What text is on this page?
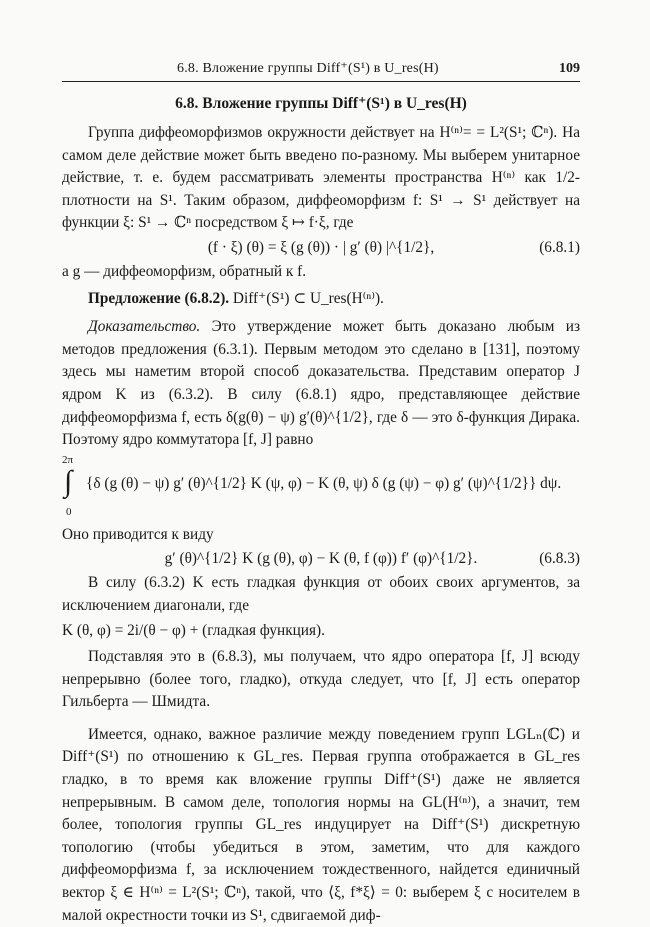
6.8. Вложение группы Diff⁺(S¹) в U_res(H)	109
6.8. Вложение группы Diff⁺(S¹) в U_res(H)

Группа диффеоморфизмов окружности действует на H⁽ⁿ⁾= = L²(S¹; ℂⁿ). На самом деле действие может быть введено по-разному. Мы выберем унитарное действие, т. е. будем рассматривать элементы пространства H⁽ⁿ⁾ как 1/2-плотности на S¹. Таким образом, диффеоморфизм f: S¹ → S¹ действует на функции ξ: S¹ → ℂⁿ посредством ξ ↦ f·ξ, где

(f · ξ) (θ) = ξ (g (θ)) · | g′ (θ) |^{1/2},	(6.8.1)

а g — диффеоморфизм, обратный к f.

Предложение (6.8.2). Diff⁺(S¹) ⊂ U_res(H⁽ⁿ⁾).

Доказательство. Это утверждение может быть доказано любым из методов предложения (6.3.1). Первым методом это сделано в [131], поэтому здесь мы наметим второй способ доказательства. Представим оператор J ядром K из (6.3.2). В силу (6.8.1) ядро, представляющее действие диффеоморфизма f, есть δ(g(θ) − ψ) g′(θ)^{1/2}, где δ — это δ-функция Дирака. Поэтому ядро коммутатора [f, J] равно

2π
∫
0
{δ (g (θ) − ψ) g′ (θ)^{1/2} K (ψ, φ) − K (θ, ψ) δ (g (ψ) − φ) g′ (ψ)^{1/2}} dψ.

Оно приводится к виду

g′ (θ)^{1/2} K (g (θ), φ) − K (θ, f (φ)) f′ (φ)^{1/2}.	(6.8.3)

В силу (6.3.2) K есть гладкая функция от обоих своих аргументов, за исключением диагонали, где

K (θ, φ) = 2i/(θ − φ) + (гладкая функция).

Подставляя это в (6.8.3), мы получаем, что ядро оператора [f, J] всюду непрерывно (более того, гладко), откуда следует, что [f, J] есть оператор Гильберта — Шмидта.

Имеется, однако, важное различие между поведением групп LGLₙ(ℂ) и Diff⁺(S¹) по отношению к GL_res. Первая группа отображается в GL_res гладко, в то время как вложение группы Diff⁺(S¹) даже не является непрерывным. В самом деле, топология нормы на GL(H⁽ⁿ⁾), а значит, тем более, топология группы GL_res индуцирует на Diff⁺(S¹) дискретную топологию (чтобы убедиться в этом, заметим, что для каждого диффеоморфизма f, за исключением тождественного, найдется единичный вектор ξ ∈ H⁽ⁿ⁾ = L²(S¹; ℂⁿ), такой, что ⟨ξ, f*ξ⟩ = 0: выберем ξ с носителем в малой окрестности точки из S¹, сдвигаемой диф-
